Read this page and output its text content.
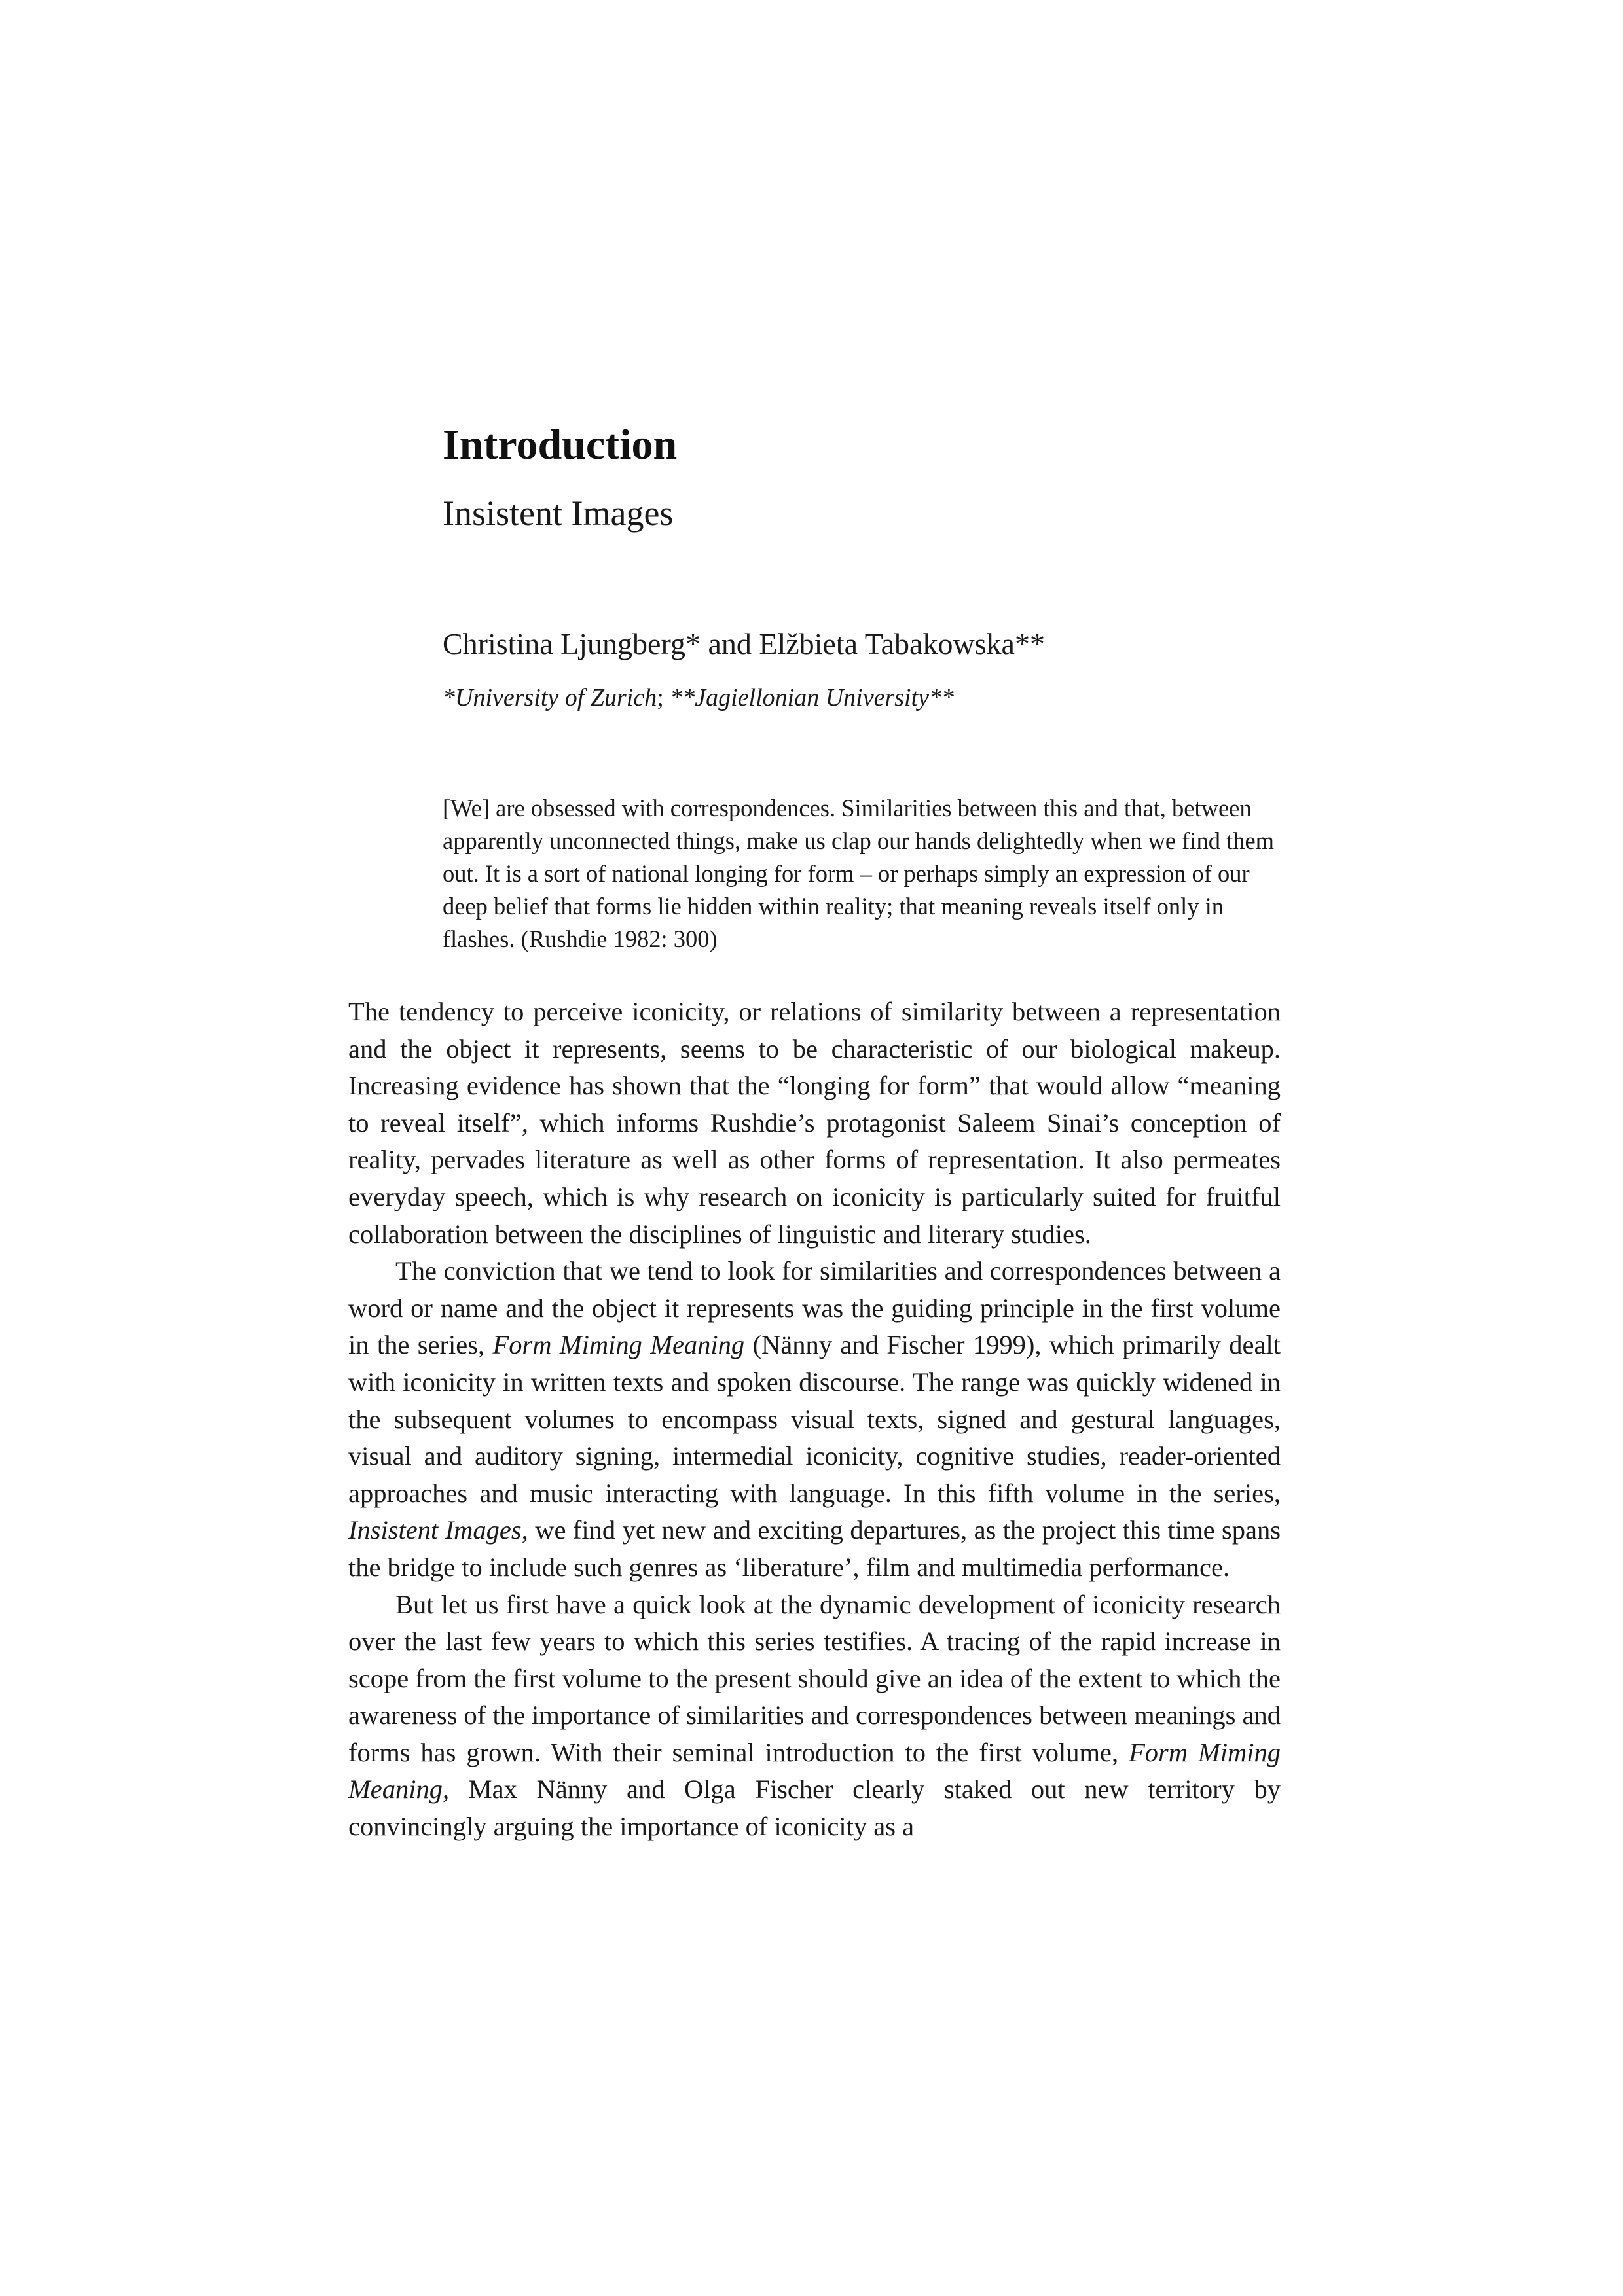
Introduction
Insistent Images

Christina Ljungberg* and Elžbieta Tabakowska**

*University of Zurich; **Jagiellonian University**

[We] are obsessed with correspondences. Similarities between this and that, between apparently unconnected things, make us clap our hands delightedly when we find them out. It is a sort of national longing for form – or perhaps simply an expression of our deep belief that forms lie hidden within reality; that meaning reveals itself only in flashes. (Rushdie 1982: 300)

The tendency to perceive iconicity, or relations of similarity between a representation and the object it represents, seems to be characteristic of our biological makeup. Increasing evidence has shown that the “longing for form” that would allow “meaning to reveal itself”, which informs Rushdie’s protagonist Saleem Sinai’s conception of reality, pervades literature as well as other forms of representation. It also permeates everyday speech, which is why research on iconicity is particularly suited for fruitful collaboration between the disciplines of linguistic and literary studies.

The conviction that we tend to look for similarities and correspondences between a word or name and the object it represents was the guiding principle in the first volume in the series, Form Miming Meaning (Nänny and Fischer 1999), which primarily dealt with iconicity in written texts and spoken discourse. The range was quickly widened in the subsequent volumes to encompass visual texts, signed and gestural languages, visual and auditory signing, intermedial iconicity, cognitive studies, reader-oriented approaches and music interacting with language. In this fifth volume in the series, Insistent Images, we find yet new and exciting departures, as the project this time spans the bridge to include such genres as ‘liberature’, film and multimedia performance.

But let us first have a quick look at the dynamic development of iconicity research over the last few years to which this series testifies. A tracing of the rapid increase in scope from the first volume to the present should give an idea of the extent to which the awareness of the importance of similarities and correspondences between meanings and forms has grown. With their seminal introduction to the first volume, Form Miming Meaning, Max Nänny and Olga Fischer clearly staked out new territory by convincingly arguing the importance of iconicity as a
